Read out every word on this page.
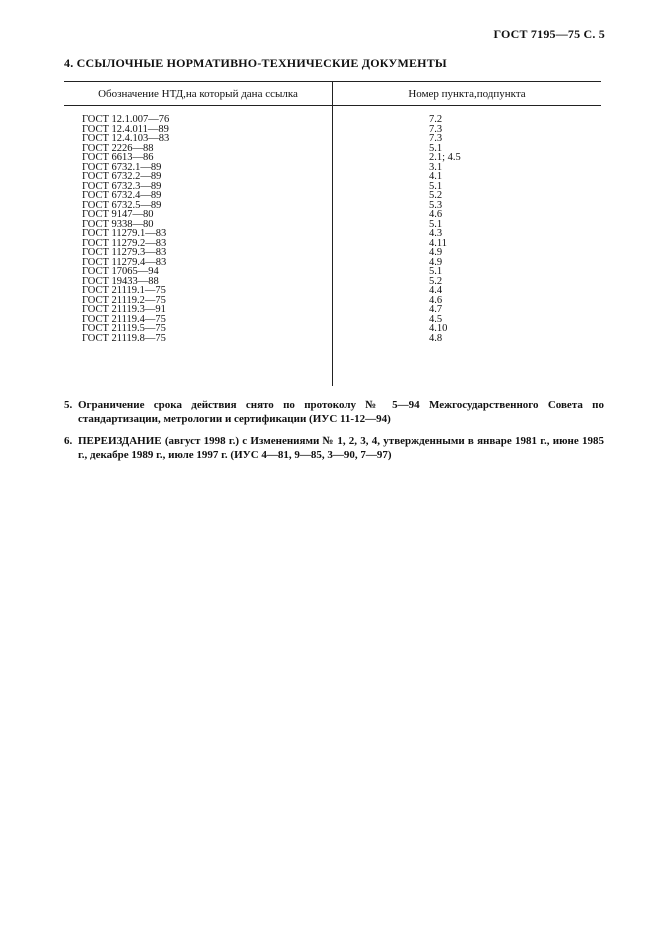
ГОСТ 7195—75 С. 5
4. ССЫЛОЧНЫЕ НОРМАТИВНО-ТЕХНИЧЕСКИЕ ДОКУМЕНТЫ
Обозначение НТД,на который дана ссылка	Номер пункта,подпункта
ГОСТ 12.1.007—76
ГОСТ 12.4.011—89
ГОСТ 12.4.103—83
ГОСТ 2226—88
ГОСТ 6613—86
ГОСТ 6732.1—89
ГОСТ 6732.2—89
ГОСТ 6732.3—89
ГОСТ 6732.4—89
ГОСТ 6732.5—89
ГОСТ 9147—80
ГОСТ 9338—80
ГОСТ 11279.1—83
ГОСТ 11279.2—83
ГОСТ 11279.3—83
ГОСТ 11279.4—83
ГОСТ 17065—94
ГОСТ 19433—88
ГОСТ 21119.1—75
ГОСТ 21119.2—75
ГОСТ 21119.3—91
ГОСТ 21119.4—75
ГОСТ 21119.5—75
ГОСТ 21119.8—75
7.2
7.3
7.3
5.1
2.1; 4.5
3.1
4.1
5.1
5.2
5.3
4.6
5.1
4.3
4.11
4.9
4.9
5.1
5.2
4.4
4.6
4.7
4.5
4.10
4.8
5. Ограничение срока действия снято по протоколу № 5—94 Межгосударственного Совета по стандартизации, метрологии и сертификации (ИУС 11-12—94)
6. ПЕРЕИЗДАНИЕ (август 1998 г.) с Изменениями № 1, 2, 3, 4, утвержденными в январе 1981 г., июне 1985 г., декабре 1989 г., июле 1997 г. (ИУС 4—81, 9—85, 3—90, 7—97)
